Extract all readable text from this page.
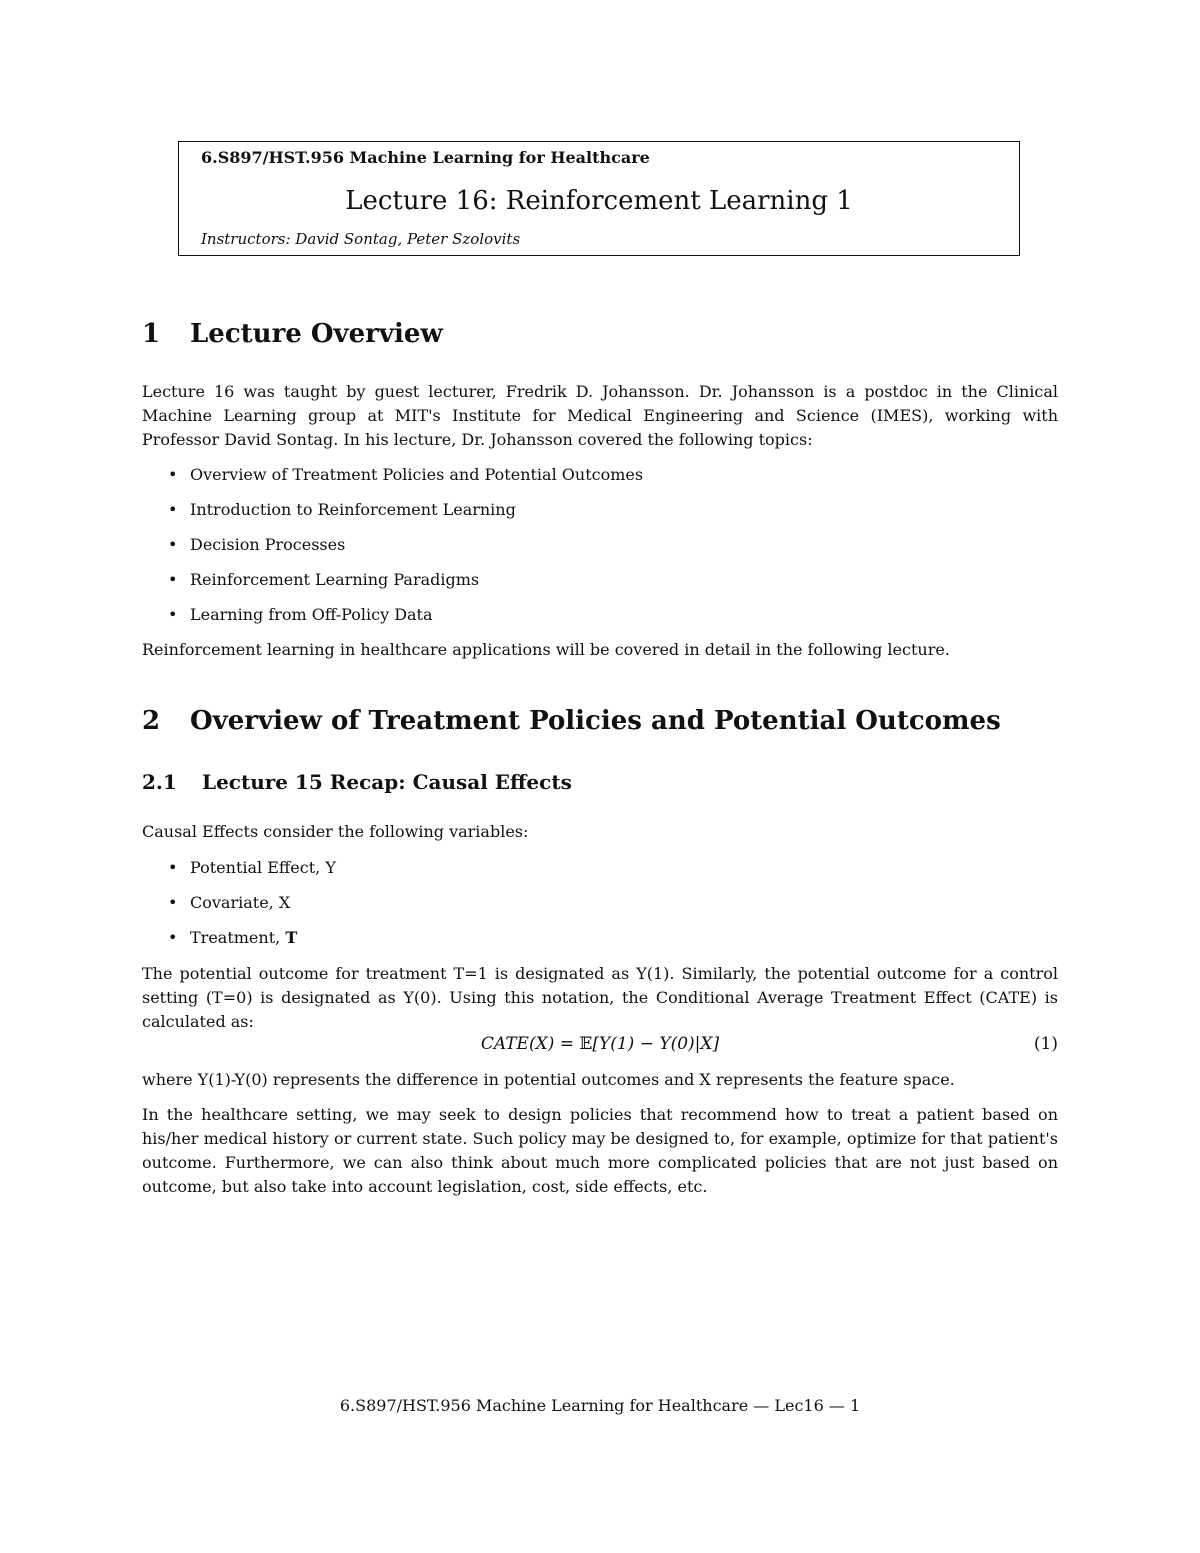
6.S897/HST.956 Machine Learning for Healthcare
Lecture 16: Reinforcement Learning 1
Instructors: David Sontag, Peter Szolovits
1 Lecture Overview

Lecture 16 was taught by guest lecturer, Fredrik D. Johansson. Dr. Johansson is a postdoc in the Clinical Machine Learning group at MIT's Institute for Medical Engineering and Science (IMES), working with Professor David Sontag. In his lecture, Dr. Johansson covered the following topics:

• Overview of Treatment Policies and Potential Outcomes
• Introduction to Reinforcement Learning
• Decision Processes
• Reinforcement Learning Paradigms
• Learning from Off-Policy Data

Reinforcement learning in healthcare applications will be covered in detail in the following lecture.

2 Overview of Treatment Policies and Potential Outcomes
2.1 Lecture 15 Recap: Causal Effects

Causal Effects consider the following variables:

• Potential Effect, Y
• Covariate, X
• Treatment, T

The potential outcome for treatment T=1 is designated as Y(1). Similarly, the potential outcome for a control setting (T=0) is designated as Y(0). Using this notation, the Conditional Average Treatment Effect (CATE) is calculated as:

CATE(X) = 𝔼[Y(1) − Y(0)|X]	(1)

where Y(1)-Y(0) represents the difference in potential outcomes and X represents the feature space.

In the healthcare setting, we may seek to design policies that recommend how to treat a patient based on his/her medical history or current state. Such policy may be designed to, for example, optimize for that patient's outcome. Furthermore, we can also think about much more complicated policies that are not just based on outcome, but also take into account legislation, cost, side effects, etc.

6.S897/HST.956 Machine Learning for Healthcare — Lec16 — 1
